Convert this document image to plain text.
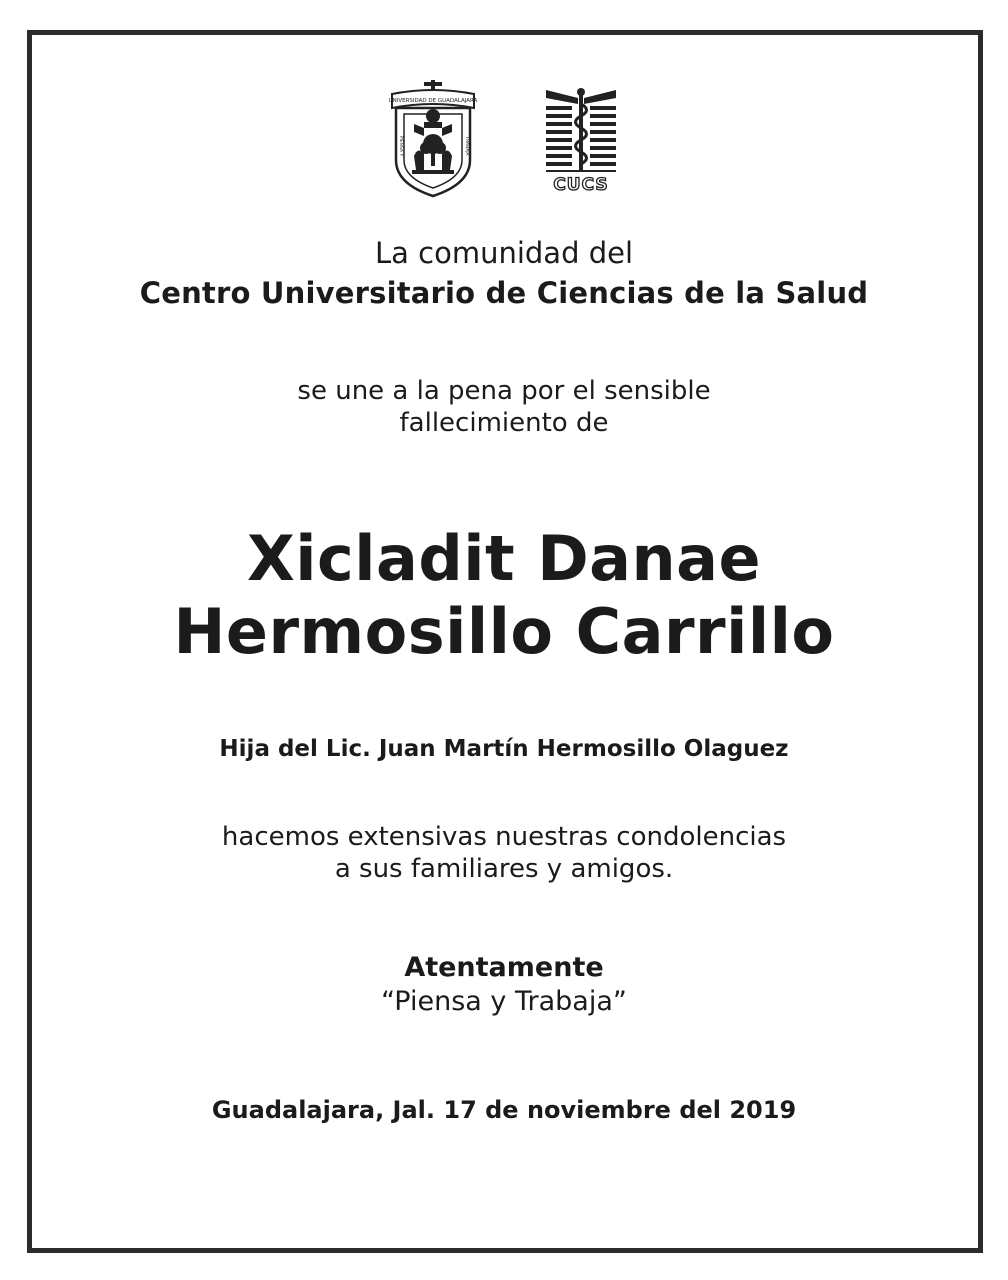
UNIVERSIDAD DE GUADALAJARA
PIENSA Y	TRABAJA
CUCS
La comunidad del
Centro Universitario de Ciencias de la Salud
se une a la pena por el sensible
fallecimiento de
Xicladit Danae
Hermosillo Carrillo
Hija del Lic. Juan Martín Hermosillo Olaguez
hacemos extensivas nuestras condolencias
a sus familiares y amigos.
Atentamente
“Piensa y Trabaja”
Guadalajara, Jal. 17 de noviembre del 2019
